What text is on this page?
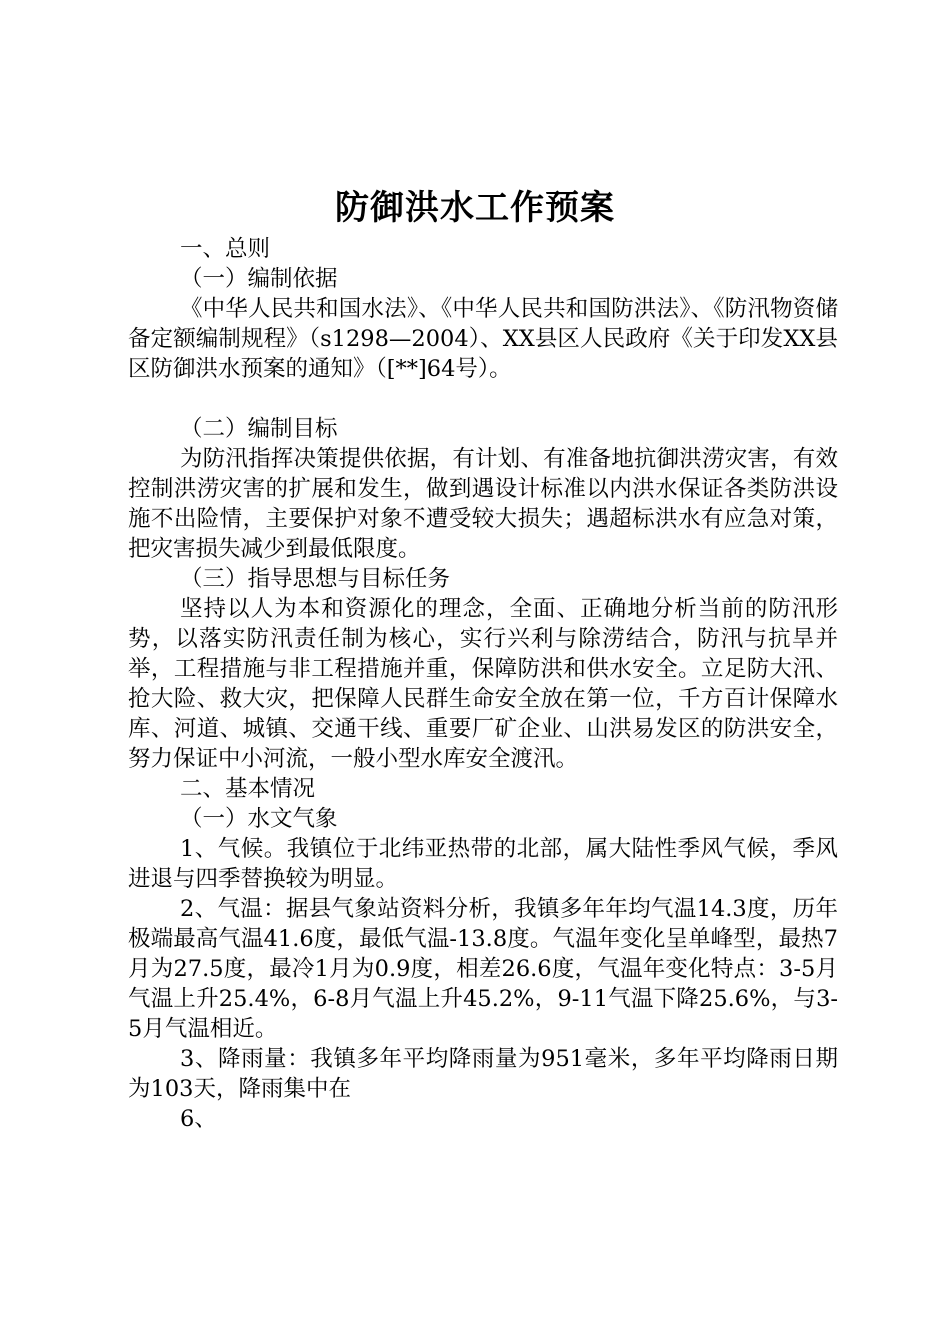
防御洪水工作预案

一、总则

（一）编制依据

《中华人民共和国水法》、《中华人民共和国防洪法》、《防汛物资储备定额编制规程》（s1298—2004）、XX县区人民政府《关于印发XX县区防御洪水预案的通知》（[**]64号）。

（二）编制目标

为防汛指挥决策提供依据，有计划、有准备地抗御洪涝灾害，有效控制洪涝灾害的扩展和发生，做到遇设计标准以内洪水保证各类防洪设施不出险情，主要保护对象不遭受较大损失；遇超标洪水有应急对策，把灾害损失减少到最低限度。

（三）指导思想与目标任务

坚持以人为本和资源化的理念，全面、正确地分析当前的防汛形势，以落实防汛责任制为核心，实行兴利与除涝结合，防汛与抗旱并举，工程措施与非工程措施并重，保障防洪和供水安全。立足防大汛、抢大险、救大灾，把保障人民群生命安全放在第一位，千方百计保障水库、河道、城镇、交通干线、重要厂矿企业、山洪易发区的防洪安全，努力保证中小河流，一般小型水库安全渡汛。

二、基本情况

（一）水文气象

1、气候。我镇位于北纬亚热带的北部，属大陆性季风气候，季风进退与四季替换较为明显。

2、气温：据县气象站资料分析，我镇多年年均气温14.3度，历年极端最高气温41.6度，最低气温-13.8度。气温年变化呈单峰型，最热7月为27.5度，最冷1月为0.9度，相差26.6度，气温年变化特点：3-5月气温上升25.4%，6-8月气温上升45.2%，9-11气温下降25.6%，与3-5月气温相近。

3、降雨量：我镇多年平均降雨量为951毫米，多年平均降雨日期为103天，降雨集中在

6、
